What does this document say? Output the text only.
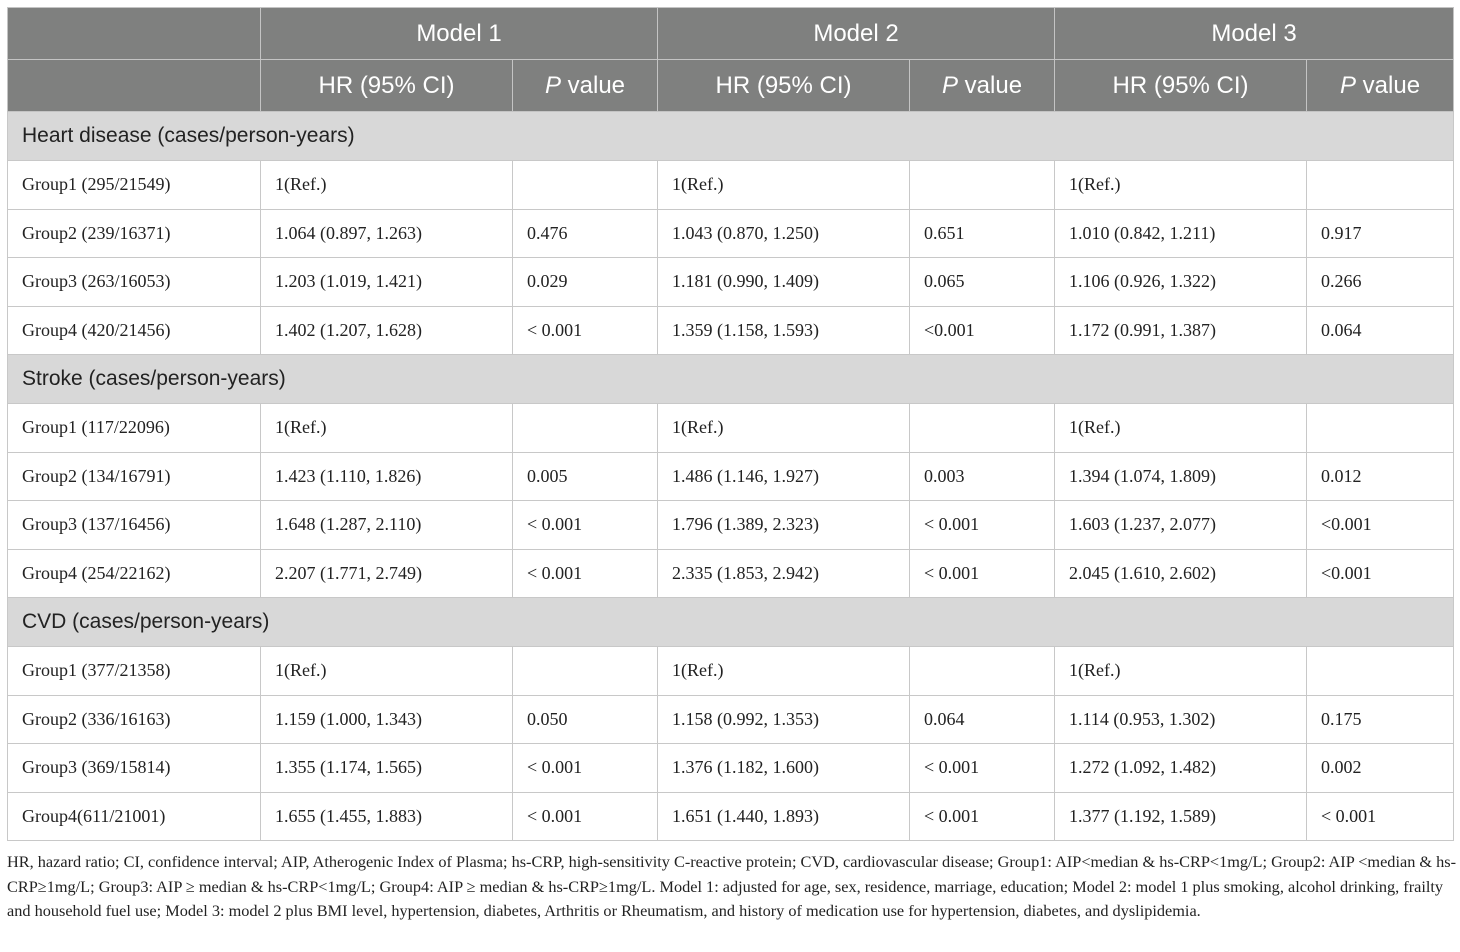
	Model 1		Model 2		Model 3	
	HR (95% CI)	P value	HR (95% CI)	P value	HR (95% CI)	P value
Heart disease (cases/person-years)						
Group1 (295/21549)	1(Ref.)		1(Ref.)		1(Ref.)	
Group2 (239/16371)	1.064 (0.897, 1.263)	0.476	1.043 (0.870, 1.250)	0.651	1.010 (0.842, 1.211)	0.917
Group3 (263/16053)	1.203 (1.019, 1.421)	0.029	1.181 (0.990, 1.409)	0.065	1.106 (0.926, 1.322)	0.266
Group4 (420/21456)	1.402 (1.207, 1.628)	< 0.001	1.359 (1.158, 1.593)	<0.001	1.172 (0.991, 1.387)	0.064
Stroke (cases/person-years)						
Group1 (117/22096)	1(Ref.)		1(Ref.)		1(Ref.)	
Group2 (134/16791)	1.423 (1.110, 1.826)	0.005	1.486 (1.146, 1.927)	0.003	1.394 (1.074, 1.809)	0.012
Group3 (137/16456)	1.648 (1.287, 2.110)	< 0.001	1.796 (1.389, 2.323)	< 0.001	1.603 (1.237, 2.077)	<0.001
Group4 (254/22162)	2.207 (1.771, 2.749)	< 0.001	2.335 (1.853, 2.942)	< 0.001	2.045 (1.610, 2.602)	<0.001
CVD (cases/person-years)						
Group1 (377/21358)	1(Ref.)		1(Ref.)		1(Ref.)	
Group2 (336/16163)	1.159 (1.000, 1.343)	0.050	1.158 (0.992, 1.353)	0.064	1.114 (0.953, 1.302)	0.175
Group3 (369/15814)	1.355 (1.174, 1.565)	< 0.001	1.376 (1.182, 1.600)	< 0.001	1.272 (1.092, 1.482)	0.002
Group4(611/21001)	1.655 (1.455, 1.883)	< 0.001	1.651 (1.440, 1.893)	< 0.001	1.377 (1.192, 1.589)	< 0.001
HR, hazard ratio; CI, confidence interval; AIP, Atherogenic Index of Plasma; hs-CRP, high-sensitivity C-reactive protein; CVD, cardiovascular disease; Group1: AIP<median & hs-CRP<1mg/L; Group2: AIP <median & hs-CRP≥1mg/L; Group3: AIP ≥ median & hs-CRP<1mg/L; Group4: AIP ≥ median & hs-CRP≥1mg/L. Model 1: adjusted for age, sex, residence, marriage, education; Model 2: model 1 plus smoking, alcohol drinking, frailty and household fuel use; Model 3: model 2 plus BMI level, hypertension, diabetes, Arthritis or Rheumatism, and history of medication use for hypertension, diabetes, and dyslipidemia.
